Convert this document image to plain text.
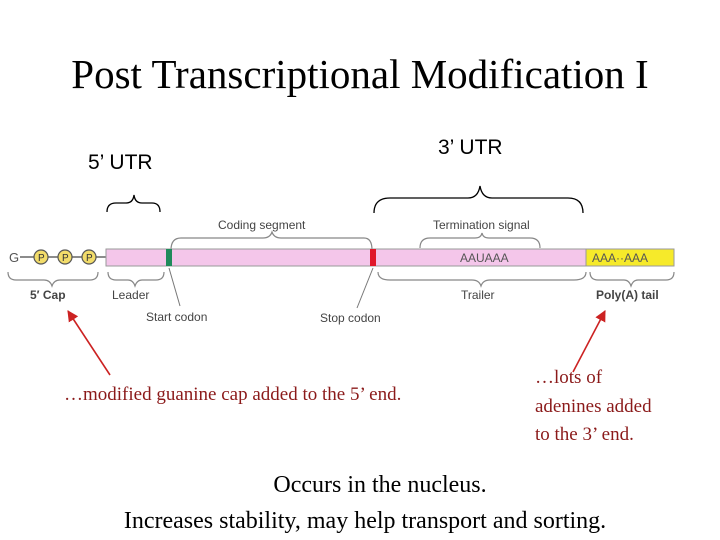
Post Transcriptional Modification I
5’ UTR
3’ UTR
G P P P	AAUAAA	AAA··AAA
Coding segment	Termination signal
5′ Cap	Leader	Trailer	Poly(A) tail
Start codon	Stop codon
…modified guanine cap added to the 5’ end.
…lots of
adenines added
to the 3’ end.
Occurs in the nucleus.
Increases stability, may help transport and sorting.
